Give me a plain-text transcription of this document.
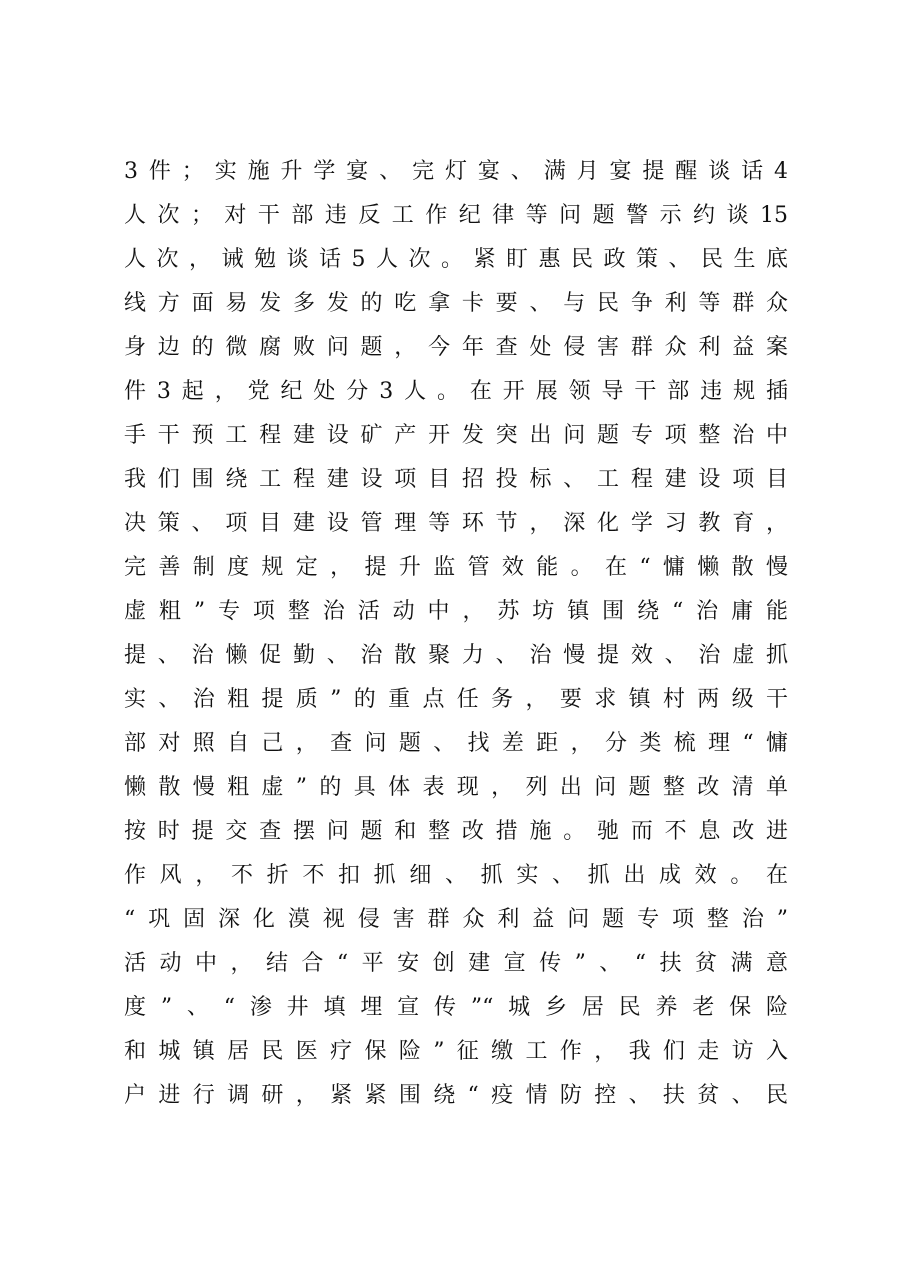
3件；实施升学宴、完灯宴、满月宴提醒谈话4
人次；对干部违反工作纪律等问题警示约谈15
人次，诫勉谈话5人次。紧盯惠民政策、民生底
线方面易发多发的吃拿卡要、与民争利等群众
身边的微腐败问题，今年查处侵害群众利益案
件3起，党纪处分3人。在开展领导干部违规插
手干预工程建设矿产开发突出问题专项整治中
我们围绕工程建设项目招投标、工程建设项目
决策、项目建设管理等环节，深化学习教育，
完善制度规定，提升监管效能。在“慵懒散慢
虚粗”专项整治活动中，苏坊镇围绕“治庸能
提、治懒促勤、治散聚力、治慢提效、治虚抓
实、治粗提质”的重点任务，要求镇村两级干
部对照自己，查问题、找差距，分类梳理“慵
懒散慢粗虚”的具体表现，列出问题整改清单
按时提交查摆问题和整改措施。驰而不息改进
作风，不折不扣抓细、抓实、抓出成效。在
“巩固深化漠视侵害群众利益问题专项整治”
活动中，结合“平安创建宣传”、“扶贫满意
度”、“渗井填埋宣传”“城乡居民养老保险
和城镇居民医疗保险”征缴工作，我们走访入
户进行调研，紧紧围绕“疫情防控、扶贫、民
